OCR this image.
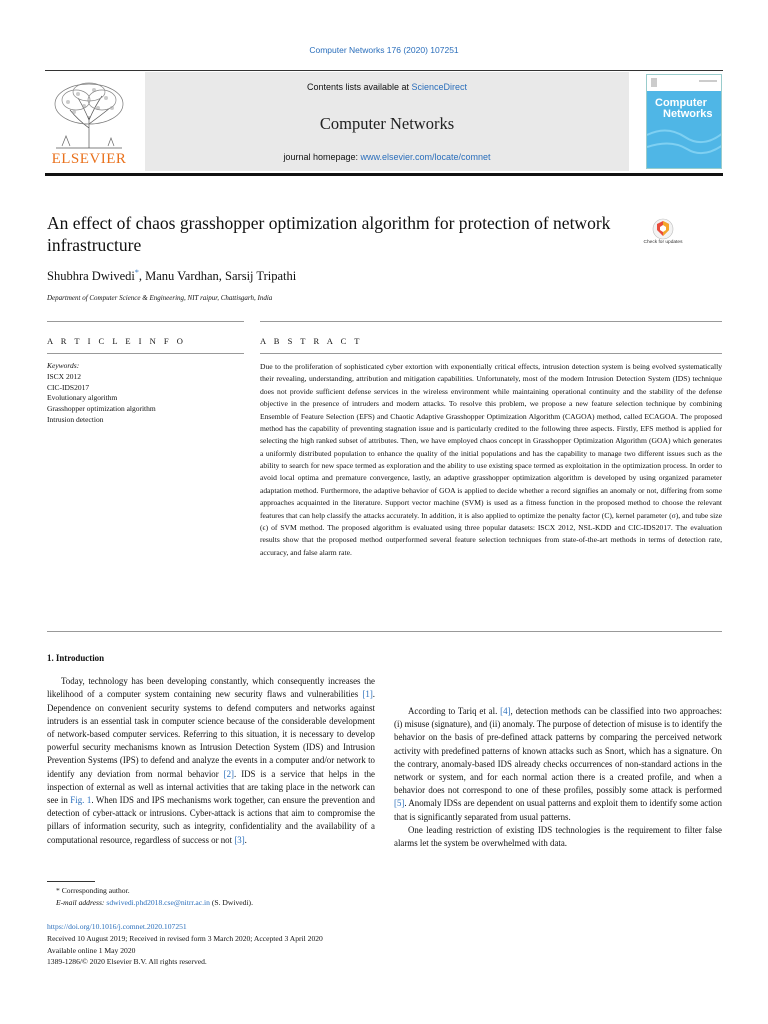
Computer Networks 176 (2020) 107251
ELSEVIER
Contents lists available at ScienceDirect
Computer Networks
journal homepage: www.elsevier.com/locate/comnet
Computer
Networks
An effect of chaos grasshopper optimization algorithm for protection of network infrastructure	Check for updates
Shubhra Dwivedi*, Manu Vardhan, Sarsij Tripathi
Department of Computer Science & Engineering, NIT raipur, Chattisgarh, India
A R T I C L E I N F O	A B S T R A C T
Keywords:
ISCX 2012
CIC-IDS2017
Evolutionary algorithm
Grasshopper optimization algorithm
Intrusion detection
Due to the proliferation of sophisticated cyber extortion with exponentially critical effects, intrusion detection system is being evolved systematically their revealing, understanding, attribution and mitigation capabilities. Unfortunately, most of the modern Intrusion Detection System (IDS) technique does not provide sufficient defense services in the wireless environment while maintaining operational continuity and the stability of the defense objective in the presence of intruders and modern attacks. To resolve this problem, we propose a new feature selection technique by combining Ensemble of Feature Selection (EFS) and Chaotic Adaptive Grasshopper Optimization Algorithm (CAGOA) method, called ECAGOA. The proposed method has the capability of preventing stagnation issue and is particularly credited to the following three aspects. Firstly, EFS method is applied for selecting the high ranked subset of attributes. Then, we have employed chaos concept in Grasshopper Optimization Algorithm (GOA) which generates a uniformly distributed population to enhance the quality of the initial populations and has the capability to manage two different issues such as the ability to search for new space termed as exploration and the ability to use existing space termed as exploitation in the optimization process. In order to avoid local optima and premature convergence, lastly, an adaptive grasshopper optimization algorithm is developed by using organized parameter adaptation method. Furthermore, the adaptive behavior of GOA is applied to decide whether a record signifies an anomaly or not, differing from some approaches acquainted in the literature. Support vector machine (SVM) is used as a fitness function in the proposed method to choose the relevant features that can help classify the attacks accurately. In addition, it is also applied to optimize the penalty factor (C), kernel parameter (σ), and tube size (ϵ) of SVM method. The proposed algorithm is evaluated using three popular datasets: ISCX 2012, NSL-KDD and CIC-IDS2017. The evaluation results show that the proposed method outperformed several feature selection techniques from state-of-the-art methods in terms of detection rate, accuracy, and false alarm rate.
1. Introduction

Today, technology has been developing constantly, which consequently increases the likelihood of a computer system containing new security flaws and vulnerabilities [1]. Dependence on convenient security systems to defend computers and networks against intruders is an essential task in computer science because of the considerable development of network-based computer services. Referring to this situation, it is necessary to develop powerful security mechanisms known as Intrusion Detection System (IDS) and Intrusion Prevention Systems (IPS) to defend and analyze the events in a computer and/or network to identify any deviation from normal behavior [2]. IDS is a service that helps in the inspection of external as well as internal activities that are taking place in the network can see in Fig. 1. When IDS and IPS mechanisms work together, can ensure the prevention and detection of cyber-attack or intrusions. Cyber-attack is actions that aim to compromise the pillars of information security, such as integrity, confidentiality and the availability of a computational resource, regardless of success or not [3].

According to Tariq et al. [4], detection methods can be classified into two approaches: (i) misuse (signature), and (ii) anomaly. The purpose of detection of misuse is to identify the behavior on the basis of pre-defined attack patterns by comparing the perceived network activity with predefined patterns of known attacks such as Snort, which has a signature. On the contrary, anomaly-based IDS already checks occurrences of non-standard actions in the network or system, and for each normal action there is a created profile, and when a behavior does not correspond to one of these profiles, possibly some attack is performed [5]. Anomaly IDSs are dependent on usual patterns and exploit them to identify some action that is significantly separated from usual patterns.

One leading restriction of existing IDS technologies is the requirement to filter false alarms let the system be overwhelmed with data.

* Corresponding author.
E-mail address: sdwivedi.phd2018.cse@nitrr.ac.in (S. Dwivedi).
https://doi.org/10.1016/j.comnet.2020.107251
Received 10 August 2019; Received in revised form 3 March 2020; Accepted 3 April 2020
Available online 1 May 2020
1389-1286/© 2020 Elsevier B.V. All rights reserved.
